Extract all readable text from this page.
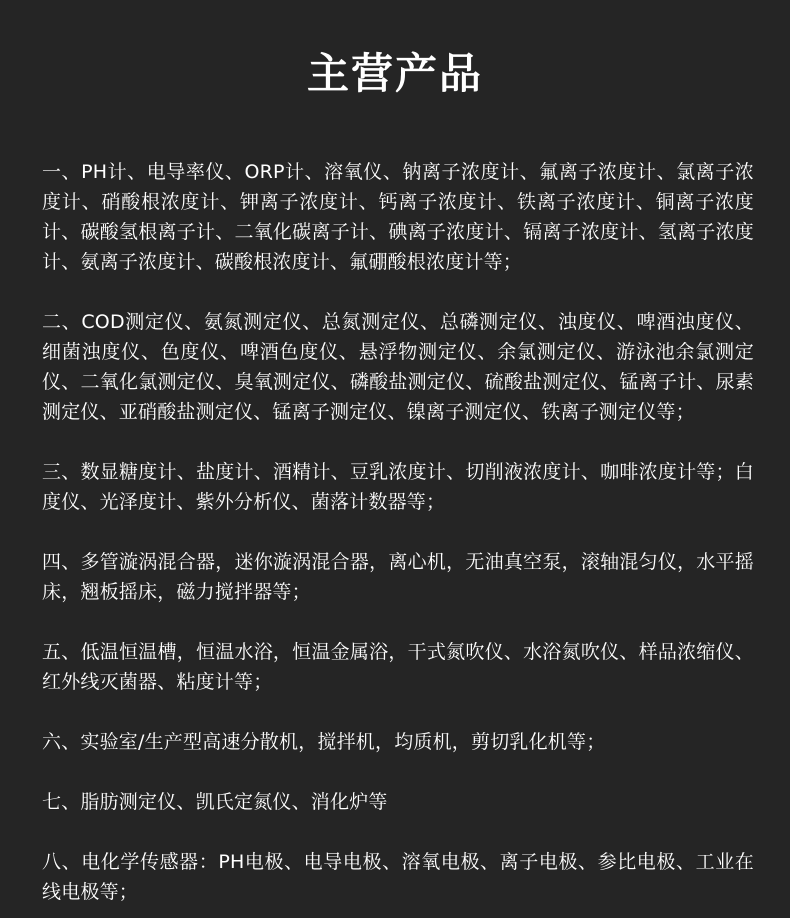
主营产品
一、PH计、电导率仪、ORP计、溶氧仪、钠离子浓度计、氟离子浓度计、氯离子浓度计、硝酸根浓度计、钾离子浓度计、钙离子浓度计、铁离子浓度计、铜离子浓度计、碳酸氢根离子计、二氧化碳离子计、碘离子浓度计、镉离子浓度计、氢离子浓度计、氨离子浓度计、碳酸根浓度计、氟硼酸根浓度计等；
二、COD测定仪、氨氮测定仪、总氮测定仪、总磷测定仪、浊度仪、啤酒浊度仪、细菌浊度仪、色度仪、啤酒色度仪、悬浮物测定仪、余氯测定仪、游泳池余氯测定仪、二氧化氯测定仪、臭氧测定仪、磷酸盐测定仪、硫酸盐测定仪、锰离子计、尿素测定仪、亚硝酸盐测定仪、锰离子测定仪、镍离子测定仪、铁离子测定仪等；
三、数显糖度计、盐度计、酒精计、豆乳浓度计、切削液浓度计、咖啡浓度计等；白度仪、光泽度计、紫外分析仪、菌落计数器等；
四、多管漩涡混合器，迷你漩涡混合器，离心机，无油真空泵，滚轴混匀仪，水平摇床，翘板摇床，磁力搅拌器等；
五、低温恒温槽，恒温水浴，恒温金属浴，干式氮吹仪、水浴氮吹仪、样品浓缩仪、红外线灭菌器、粘度计等；
六、实验室/生产型高速分散机，搅拌机，均质机，剪切乳化机等；
七、脂肪测定仪、凯氏定氮仪、消化炉等
八、电化学传感器：PH电极、电导电极、溶氧电极、离子电极、参比电极、工业在线电极等；
